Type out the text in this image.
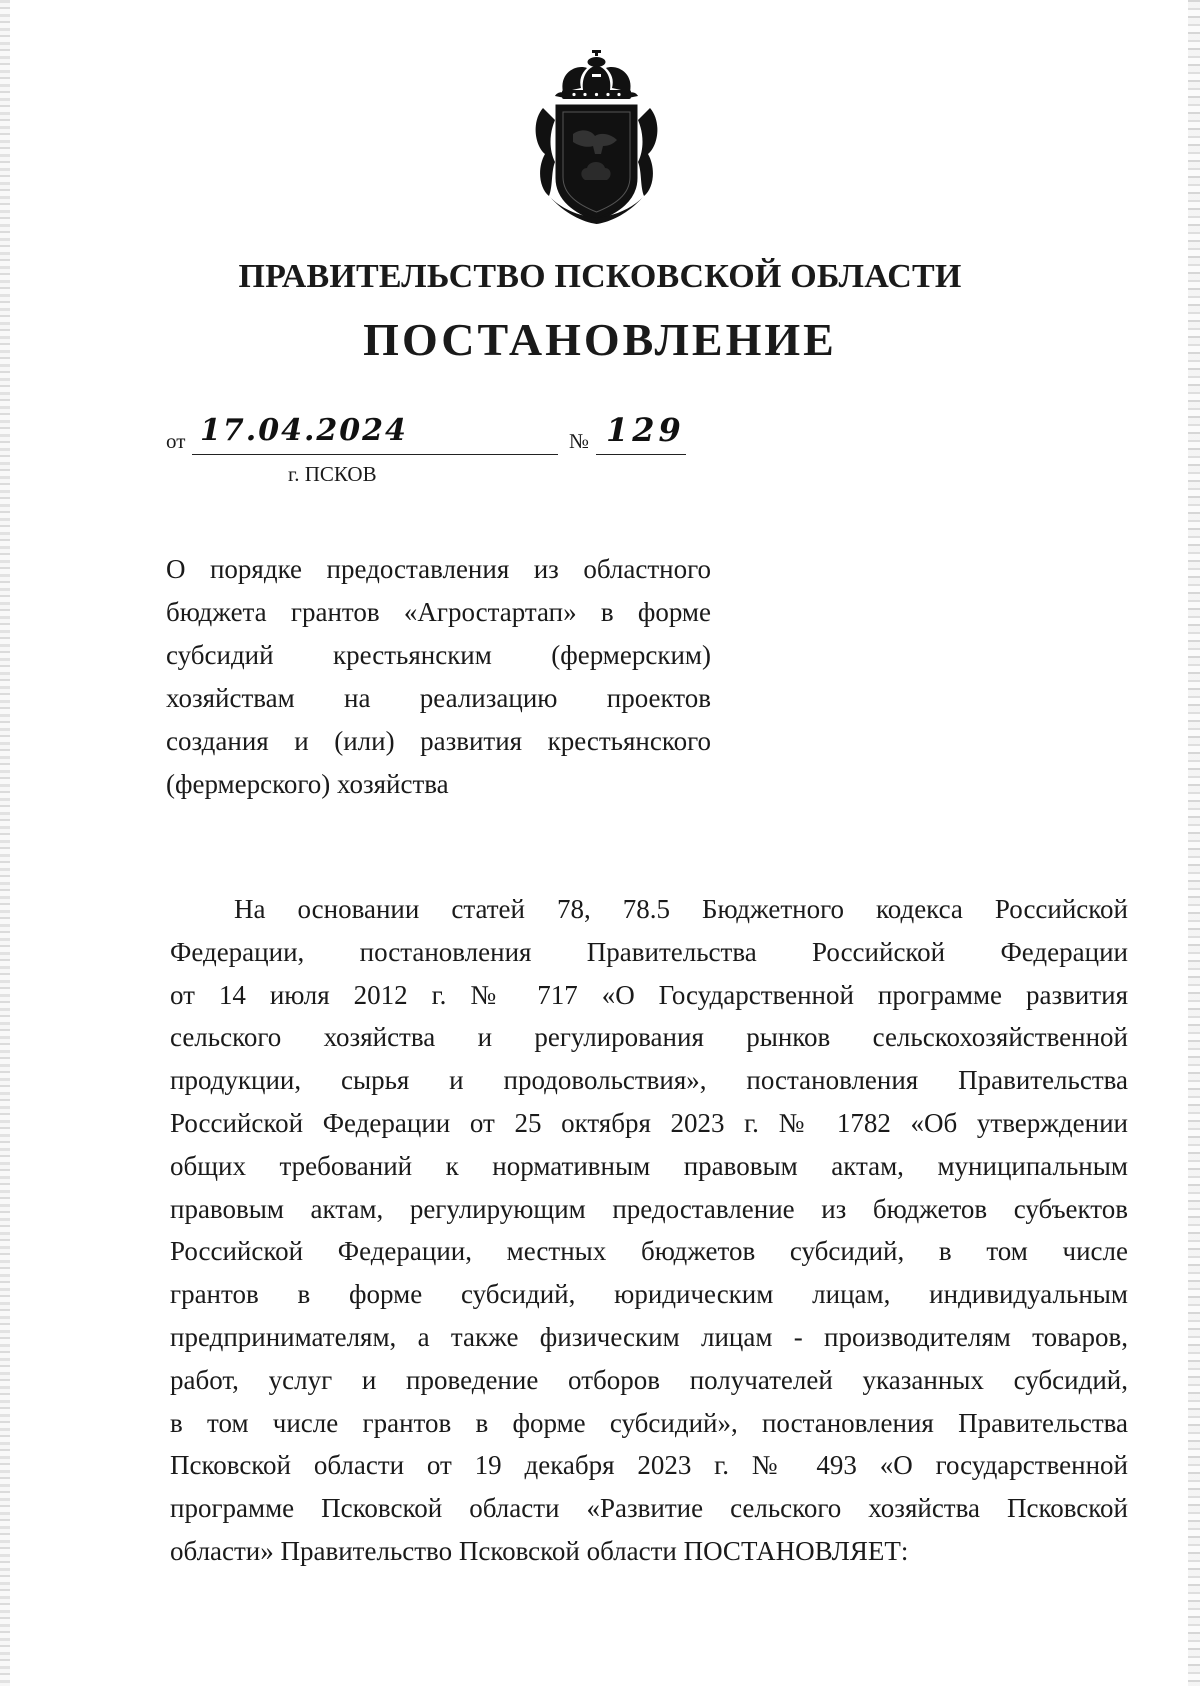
ПРАВИТЕЛЬСТВО ПСКОВСКОЙ ОБЛАСТИ
ПОСТАНОВЛЕНИЕ
от 17.04.2024	№ 129
г. ПСКОВ
О порядке предоставления из областного
бюджета грантов «Агростартап» в форме
субсидий крестьянским (фермерским)
хозяйствам на реализацию проектов
создания и (или) развития крестьянского
(фермерского) хозяйства
На основании статей 78, 78.5 Бюджетного кодекса Российской
Федерации, постановления Правительства Российской Федерации
от 14 июля 2012 г. № 717 «О Государственной программе развития
сельского хозяйства и регулирования рынков сельскохозяйственной
продукции, сырья и продовольствия», постановления Правительства
Российской Федерации от 25 октября 2023 г. № 1782 «Об утверждении
общих требований к нормативным правовым актам, муниципальным
правовым актам, регулирующим предоставление из бюджетов субъектов
Российской Федерации, местных бюджетов субсидий, в том числе
грантов в форме субсидий, юридическим лицам, индивидуальным
предпринимателям, а также физическим лицам - производителям товаров,
работ, услуг и проведение отборов получателей указанных субсидий,
в том числе грантов в форме субсидий», постановления Правительства
Псковской области от 19 декабря 2023 г. № 493 «О государственной
программе Псковской области «Развитие сельского хозяйства Псковской
области» Правительство Псковской области ПОСТАНОВЛЯЕТ:
